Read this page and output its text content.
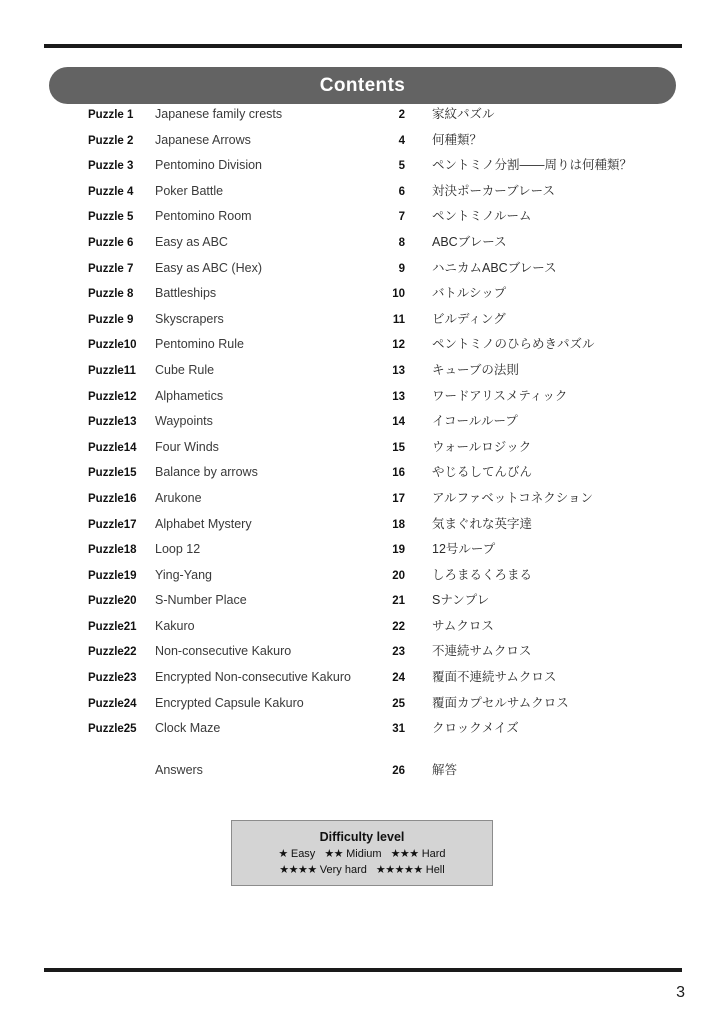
Contents
Puzzle 1	Japanese family crests	2 家紋パズル
Puzzle 2	Japanese Arrows	4 何種類？
Puzzle 3	Pentomino Division	5 ペントミノ分割——周りは何種類？
Puzzle 4	Poker Battle	6 対決ポーカーブレース
Puzzle 5	Pentomino Room	7 ペントミノルーム
Puzzle 6	Easy as ABC	8 ABCブレース
Puzzle 7	Easy as ABC (Hex)	9 ハニカムABCブレース
Puzzle 8	Battleships	10 バトルシップ
Puzzle 9	Skyscrapers	11 ビルディング
Puzzle10	Pentomino Rule	12 ペントミノのひらめきパズル
Puzzle11	Cube Rule	13 キューブの法則
Puzzle12	Alphametics	13 ワードアリスメティック
Puzzle13	Waypoints	14 イコールループ
Puzzle14	Four Winds	15 ウォールロジック
Puzzle15	Balance by arrows	16 やじるしてんびん
Puzzle16	Arukone	17 アルファベットコネクション
Puzzle17	Alphabet Mystery	18 気まぐれな英字達
Puzzle18	Loop 12	19 12号ループ
Puzzle19	Ying-Yang	20 しろまるくろまる
Puzzle20	S-Number Place	21 Sナンプレ
Puzzle21	Kakuro	22 サムクロス
Puzzle22	Non-consecutive Kakuro	23 不連続サムクロス
Puzzle23	Encrypted Non-consecutive Kakuro	24 覆面不連続サムクロス
Puzzle24	Encrypted Capsule Kakuro	25 覆面カプセルサムクロス
Puzzle25	Clock Maze	31 クロックメイズ
Answers	26 解答
Difficulty level
★ Easy ★★ Midium ★★★ Hard
★★★★ Very hard ★★★★★ Hell
3
